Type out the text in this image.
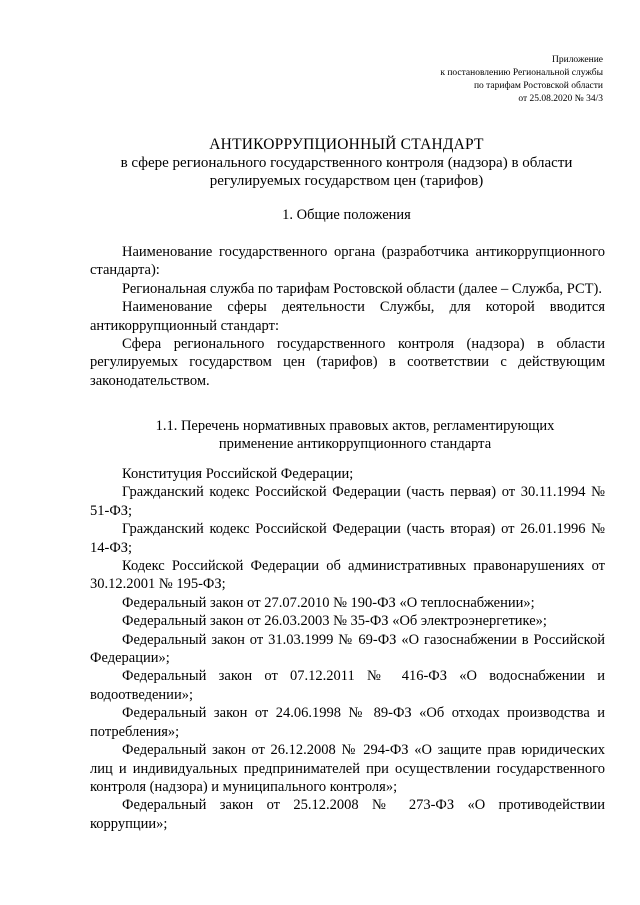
Приложение
к постановлению Региональной службы
по тарифам Ростовской области
от 25.08.2020 № 34/3
АНТИКОРРУПЦИОННЫЙ СТАНДАРТ
в сфере регионального государственного контроля (надзора) в области
регулируемых государством цен (тарифов)
1. Общие положения

Наименование государственного органа (разработчика антикоррупционного стандарта):

Региональная служба по тарифам Ростовской области (далее – Служба, РСТ).

Наименование сферы деятельности Службы, для которой вводится антикоррупционный стандарт:

Сфера регионального государственного контроля (надзора) в области регулируемых государством цен (тарифов) в соответствии с действующим законодательством.

1.1. Перечень нормативных правовых актов, регламентирующих
применение антикоррупционного стандарта

Конституция Российской Федерации;

Гражданский кодекс Российской Федерации (часть первая) от 30.11.1994 № 51-ФЗ;

Гражданский кодекс Российской Федерации (часть вторая) от 26.01.1996 № 14-ФЗ;

Кодекс Российской Федерации об административных правонарушениях от 30.12.2001 № 195-ФЗ;

Федеральный закон от 27.07.2010 № 190-ФЗ «О теплоснабжении»;

Федеральный закон от 26.03.2003 № 35-ФЗ «Об электроэнергетике»;

Федеральный закон от 31.03.1999 № 69-ФЗ «О газоснабжении в Российской Федерации»;

Федеральный закон от 07.12.2011 № 416-ФЗ «О водоснабжении и водоотведении»;

Федеральный закон от 24.06.1998 № 89-ФЗ «Об отходах производства и потребления»;

Федеральный закон от 26.12.2008 № 294-ФЗ «О защите прав юридических лиц и индивидуальных предпринимателей при осуществлении государственного контроля (надзора) и муниципального контроля»;

Федеральный закон от 25.12.2008 № 273-ФЗ «О противодействии коррупции»;
